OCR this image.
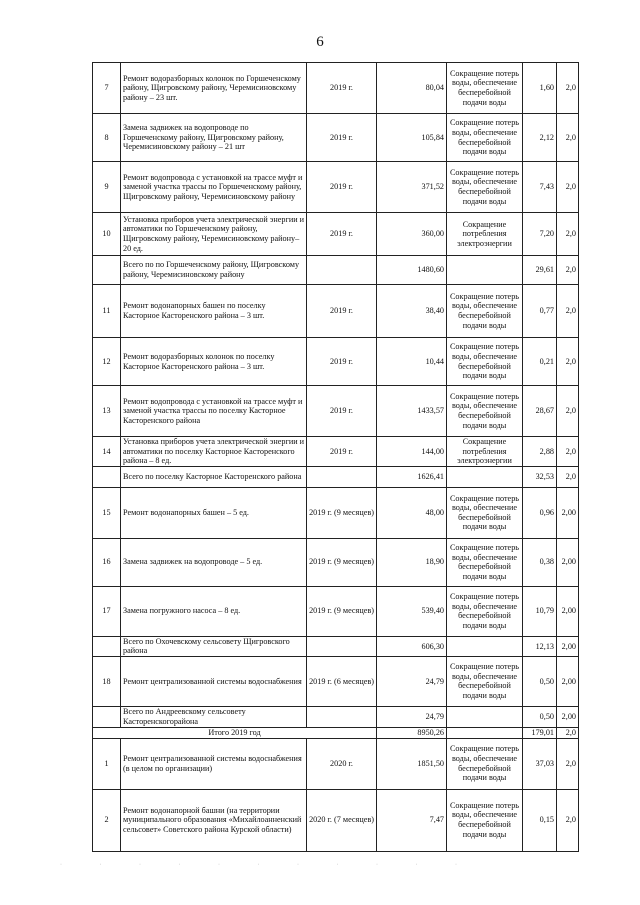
6
7	Ремонт водоразборных колонок по Горшеченскому району, Щигровскому району, Черемисиновскому району – 23 шт.	2019 г.	80,04	Сокращение потерь воды, обеспечение бесперебойной подачи воды	1,60	2,0
8	Замена задвижек на водопроводе по Горшеченскому району, Щигровскому району, Черемисиновскому району – 21 шт	2019 г.	105,84	Сокращение потерь воды, обеспечение бесперебойной подачи воды	2,12	2,0
9	Ремонт водопровода с установкой на трассе муфт и заменой участка трассы по Горшеченскому району, Щигровскому району, Черемисиновскому району	2019 г.	371,52	Сокращение потерь воды, обеспечение бесперебойной подачи воды	7,43	2,0
10	Установка приборов учета электрической энергии и автоматики по Горшеченскому району, Щигровскому району, Черемисиновскому району– 20 ед.	2019 г.	360,00	Сокращение потребления электроэнергии	7,20	2,0
	Всего по по Горшеченскому району, Щигровскому району, Черемисиновскому району		1480,60		29,61	2,0
11	Ремонт водонапорных башен по поселку Касторное Касторенского района – 3 шт.	2019 г.	38,40	Сокращение потерь воды, обеспечение бесперебойной подачи воды	0,77	2,0
12	Ремонт водоразборных колонок по поселку Касторное Касторенского района – 3 шт.	2019 г.	10,44	Сокращение потерь воды, обеспечение бесперебойной подачи воды	0,21	2,0
13	Ремонт водопровода с установкой на трассе муфт и заменой участка трассы по поселку Касторное Касторенского района	2019 г.	1433,57	Сокращение потерь воды, обеспечение бесперебойной подачи воды	28,67	2,0
14	Установка приборов учета электрической энергии и автоматики по поселку Касторное Касторенского района – 8 ед.	2019 г.	144,00	Сокращение потребления электроэнергии	2,88	2,0
	Всего по поселку Касторное Касторенского района		1626,41		32,53	2,0
15	Ремонт водонапорных башен – 5 ед.	2019 г. (9 месяцев)	48,00	Сокращение потерь воды, обеспечение бесперебойной подачи воды	0,96	2,00
16	Замена задвижек на водопроводе – 5 ед.	2019 г. (9 месяцев)	18,90	Сокращение потерь воды, обеспечение бесперебойной подачи воды	0,38	2,00
17	Замена погружного насоса – 8 ед.	2019 г. (9 месяцев)	539,40	Сокращение потерь воды, обеспечение бесперебойной подачи воды	10,79	2,00
	Всего по Охочевскому сельсовету Щигровского района		606,30		12,13	2,00
18	Ремонт централизованной системы водоснабжения	2019 г. (6 месяцев)	24,79	Сокращение потерь воды, обеспечение бесперебойной подачи воды	0,50	2,00
	Всего по Андреевскому сельсовету Касторенскогорайона		24,79		0,50	2,00
Итого 2019 год			8950,26		179,01	2,0
1	Ремонт централизованной системы водоснабжения (в целом по организации)	2020 г.	1851,50	Сокращение потерь воды, обеспечение бесперебойной подачи воды	37,03	2,0
2	Ремонт водонапорной башни (на территории муниципального образования «Михайлоанненский сельсовет» Советского района Курской области)	2020 г. (7 месяцев)	7,47	Сокращение потерь воды, обеспечение бесперебойной подачи воды	0,15	2,0
· · · · · · · · · · ·
